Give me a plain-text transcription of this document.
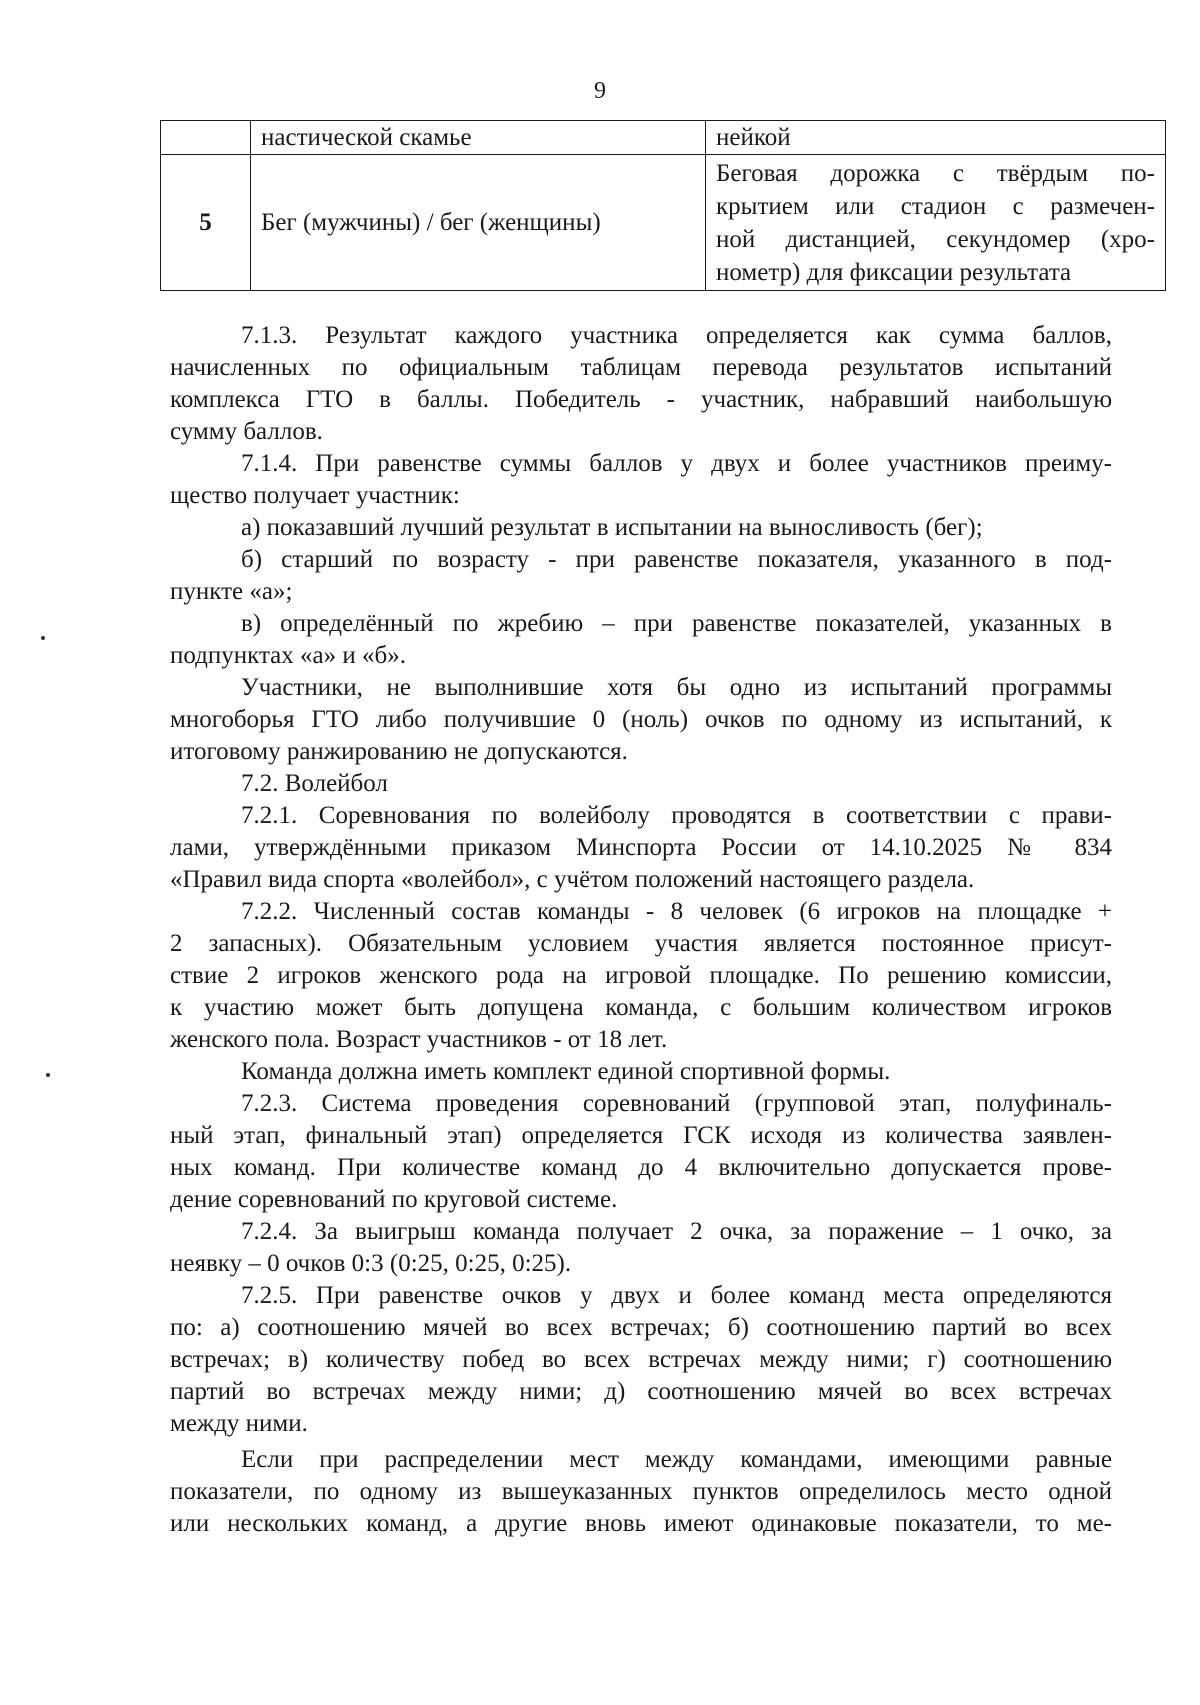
9
	настической скамье	нейкой
5	Бег (мужчины) / бег (женщины)	Беговая дорожка с твёрдым по-
крытием или стадион с размечен-
ной дистанцией, секундомер (хро-
нометр) для фиксации результата
7.1.3. Результат каждого участника определяется как сумма баллов,
начисленных по официальным таблицам перевода результатов испытаний
комплекса ГТО в баллы. Победитель - участник, набравший наибольшую
сумму баллов.
7.1.4. При равенстве суммы баллов у двух и более участников преиму-
щество получает участник:
а) показавший лучший результат в испытании на выносливость (бег);
б) старший по возрасту - при равенстве показателя, указанного в под-
пункте «а»;
в) определённый по жребию – при равенстве показателей, указанных в
подпунктах «а» и «б».
Участники, не выполнившие хотя бы одно из испытаний программы
многоборья ГТО либо получившие 0 (ноль) очков по одному из испытаний, к
итоговому ранжированию не допускаются.
7.2. Волейбол
7.2.1. Соревнования по волейболу проводятся в соответствии с прави-
лами, утверждёнными приказом Минспорта России от 14.10.2025 № 834
«Правил вида спорта «волейбол», с учётом положений настоящего раздела.
7.2.2. Численный состав команды - 8 человек (6 игроков на площадке +
2 запасных). Обязательным условием участия является постоянное присут-
ствие 2 игроков женского рода на игровой площадке. По решению комиссии,
к участию может быть допущена команда, с большим количеством игроков
женского пола. Возраст участников - от 18 лет.
Команда должна иметь комплект единой спортивной формы.
7.2.3. Система проведения соревнований (групповой этап, полуфиналь-
ный этап, финальный этап) определяется ГСК исходя из количества заявлен-
ных команд. При количестве команд до 4 включительно допускается прове-
дение соревнований по круговой системе.
7.2.4. За выигрыш команда получает 2 очка, за поражение – 1 очко, за
неявку – 0 очков 0:3 (0:25, 0:25, 0:25).
7.2.5. При равенстве очков у двух и более команд места определяются
по: а) соотношению мячей во всех встречах; б) соотношению партий во всех
встречах; в) количеству побед во всех встречах между ними; г) соотношению
партий во встречах между ними; д) соотношению мячей во всех встречах
между ними.
Если при распределении мест между командами, имеющими равные
показатели, по одному из вышеуказанных пунктов определилось место одной
или нескольких команд, а другие вновь имеют одинаковые показатели, то ме-
